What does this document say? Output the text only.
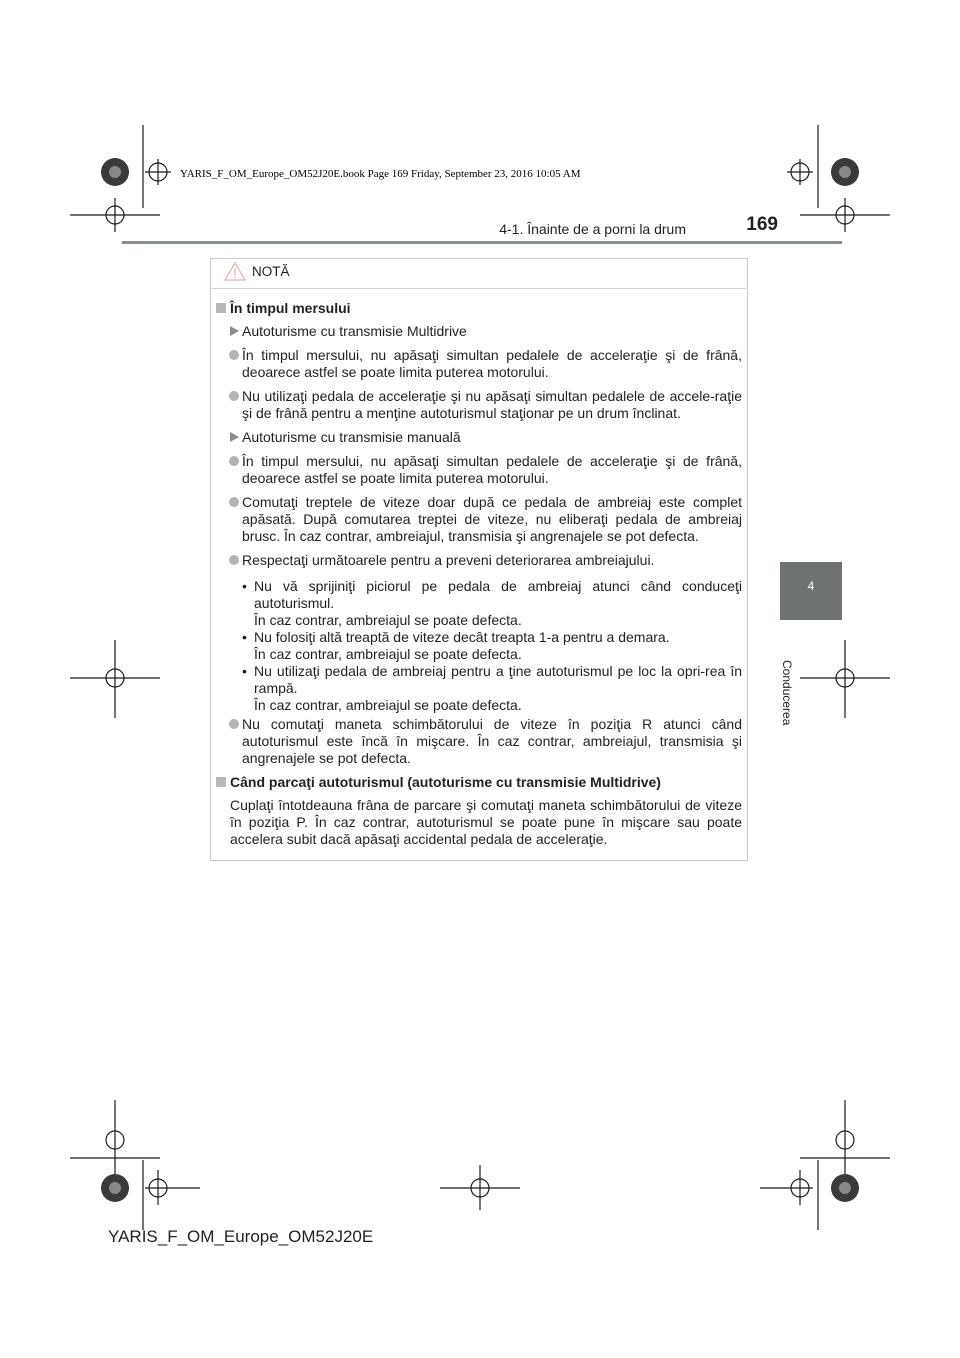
YARIS_F_OM_Europe_OM52J20E.book Page 169 Friday, September 23, 2016 10:05 AM
4-1. Înainte de a porni la drum	169
4
Conducerea
NOTĂ
În timpul mersului
Autoturisme cu transmisie Multidrive
În timpul mersului, nu apăsaţi simultan pedalele de acceleraţie şi de frână, deoarece astfel se poate limita puterea motorului.
Nu utilizaţi pedala de acceleraţie şi nu apăsaţi simultan pedalele de accele-raţie şi de frână pentru a menţine autoturismul staţionar pe un drum înclinat.
Autoturisme cu transmisie manuală
În timpul mersului, nu apăsaţi simultan pedalele de acceleraţie şi de frână, deoarece astfel se poate limita puterea motorului.
Comutaţi treptele de viteze doar după ce pedala de ambreiaj este complet apăsată. După comutarea treptei de viteze, nu eliberaţi pedala de ambreiaj brusc. În caz contrar, ambreiajul, transmisia şi angrenajele se pot defecta.
Respectaţi următoarele pentru a preveni deteriorarea ambreiajului.
• Nu vă sprijiniţi piciorul pe pedala de ambreiaj atunci când conduceţi autoturismul.
În caz contrar, ambreiajul se poate defecta.
• Nu folosiţi altă treaptă de viteze decât treapta 1-a pentru a demara.
În caz contrar, ambreiajul se poate defecta.
• Nu utilizaţi pedala de ambreiaj pentru a ţine autoturismul pe loc la opri-rea în rampă.
În caz contrar, ambreiajul se poate defecta.
Nu comutaţi maneta schimbătorului de viteze în poziţia R atunci când autoturismul este încă în mişcare. În caz contrar, ambreiajul, transmisia şi angrenajele se pot defecta.
Când parcaţi autoturismul (autoturisme cu transmisie Multidrive)
Cuplaţi întotdeauna frâna de parcare şi comutaţi maneta schimbătorului de viteze în poziţia P. În caz contrar, autoturismul se poate pune în mişcare sau poate accelera subit dacă apăsaţi accidental pedala de acceleraţie.
YARIS_F_OM_Europe_OM52J20E
